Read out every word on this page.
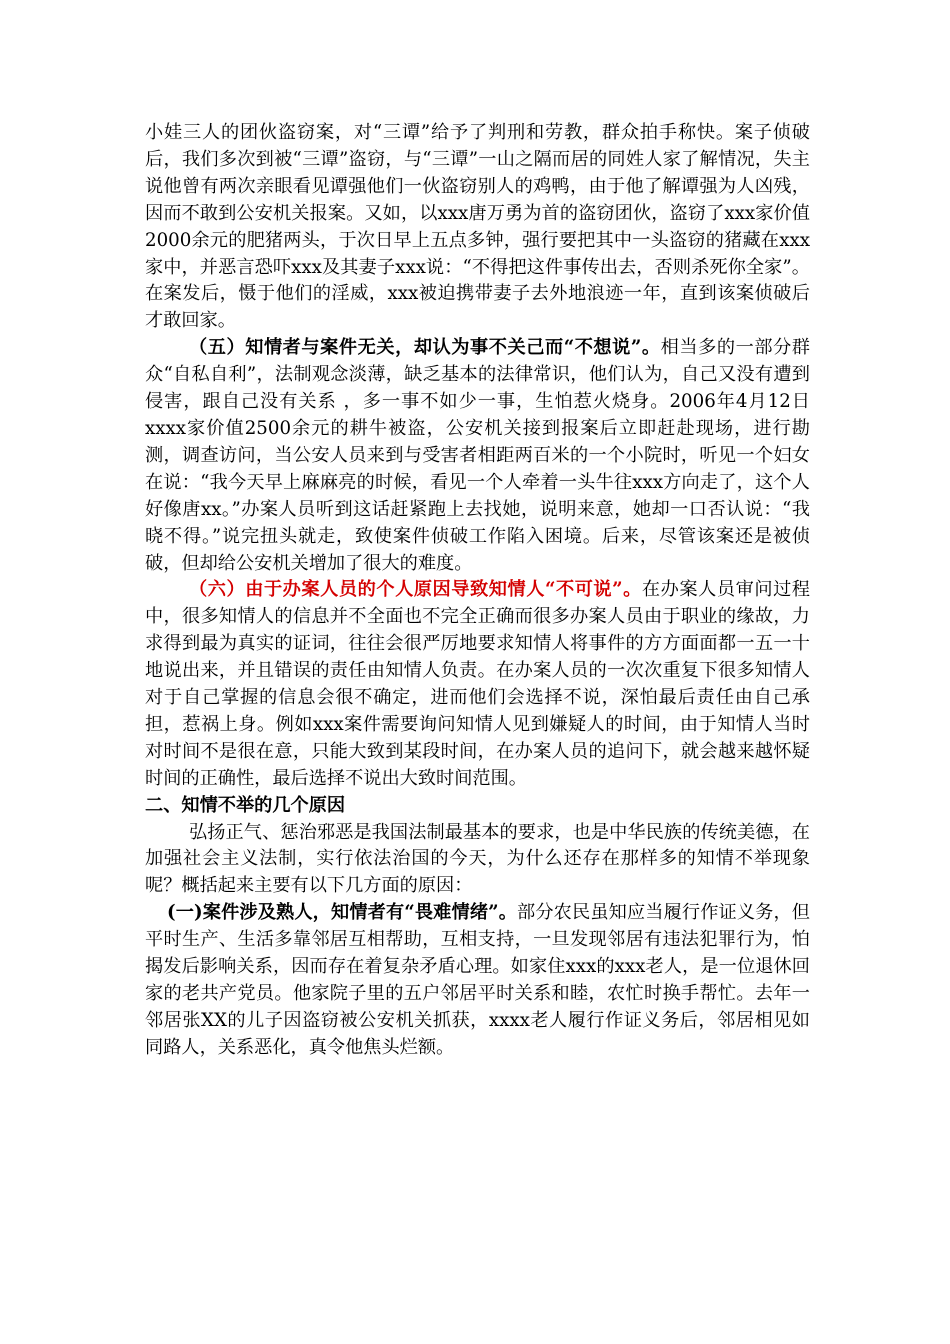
小娃三人的团伙盗窃案，对“三谭”给予了判刑和劳教，群众拍手称快。案子侦破后，我们多次到被“三谭”盗窃，与“三谭”一山之隔而居的同姓人家了解情况，失主说他曾有两次亲眼看见谭强他们一伙盗窃别人的鸡鸭，由于他了解谭强为人凶残，因而不敢到公安机关报案。又如，以xxx唐万勇为首的盗窃团伙，盗窃了xxx家价值2000余元的肥猪两头，于次日早上五点多钟，强行要把其中一头盗窃的猪藏在xxx家中，并恶言恐吓xxx及其妻子xxx说：“不得把这件事传出去，否则杀死你全家”。在案发后，慑于他们的淫威，xxx被迫携带妻子去外地浪迹一年，直到该案侦破后才敢回家。

（五）知情者与案件无关，却认为事不关己而“不想说”。相当多的一部分群众“自私自利”，法制观念淡薄，缺乏基本的法律常识，他们认为，自己又没有遭到侵害，跟自己没有关系 ，多一事不如少一事，生怕惹火烧身。2006年4月12日xxxx家价值2500余元的耕牛被盗，公安机关接到报案后立即赶赴现场，进行勘测，调查访问，当公安人员来到与受害者相距两百米的一个小院时，听见一个妇女在说：“我今天早上麻麻亮的时候，看见一个人牵着一头牛往xxx方向走了，这个人好像唐xx。”办案人员听到这话赶紧跑上去找她，说明来意，她却一口否认说：“我晓不得。”说完扭头就走，致使案件侦破工作陷入困境。后来，尽管该案还是被侦破，但却给公安机关增加了很大的难度。

（六）由于办案人员的个人原因导致知情人“不可说”。在办案人员审问过程中，很多知情人的信息并不全面也不完全正确而很多办案人员由于职业的缘故，力求得到最为真实的证词，往往会很严厉地要求知情人将事件的方方面面都一五一十地说出来，并且错误的责任由知情人负责。在办案人员的一次次重复下很多知情人对于自己掌握的信息会很不确定，进而他们会选择不说，深怕最后责任由自己承担，惹祸上身。例如xxx案件需要询问知情人见到嫌疑人的时间，由于知情人当时对时间不是很在意，只能大致到某段时间，在办案人员的追问下，就会越来越怀疑时间的正确性，最后选择不说出大致时间范围。

二、知情不举的几个原因

弘扬正气、惩治邪恶是我国法制最基本的要求，也是中华民族的传统美德，在加强社会主义法制，实行依法治国的今天，为什么还存在那样多的知情不举现象呢？概括起来主要有以下几方面的原因：

(一)案件涉及熟人，知情者有“畏难情绪”。部分农民虽知应当履行作证义务，但平时生产、生活多靠邻居互相帮助，互相支持，一旦发现邻居有违法犯罪行为，怕揭发后影响关系，因而存在着复杂矛盾心理。如家住xxx的xxx老人，是一位退休回家的老共产党员。他家院子里的五户邻居平时关系和睦，农忙时换手帮忙。去年一邻居张XX的儿子因盗窃被公安机关抓获，xxxx老人履行作证义务后，邻居相见如同路人，关系恶化，真令他焦头烂额。
